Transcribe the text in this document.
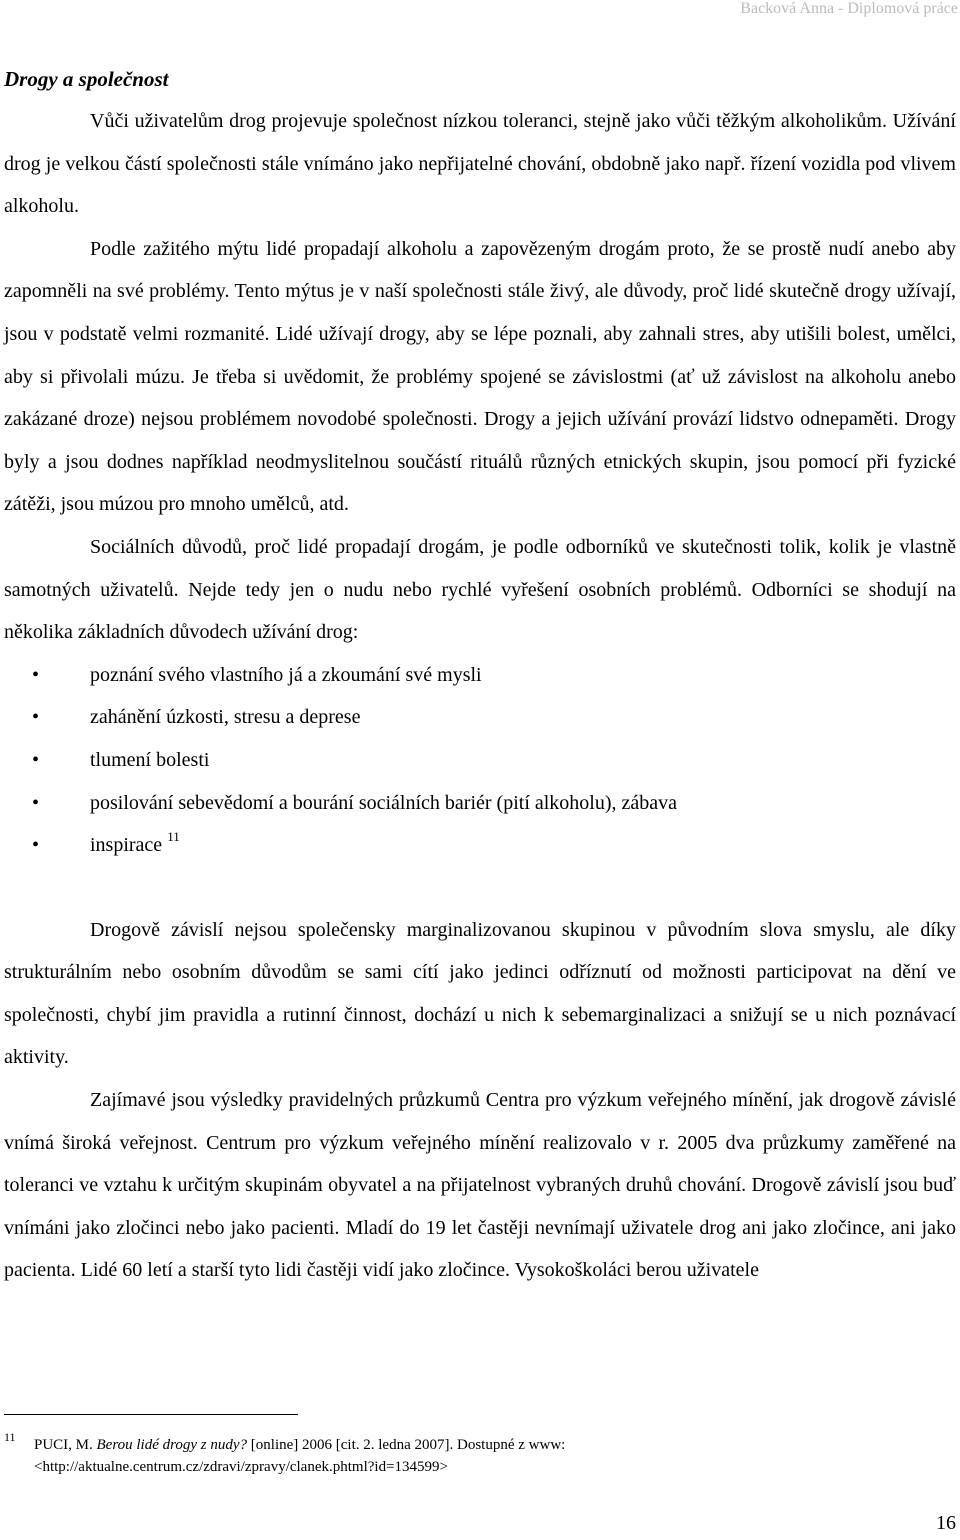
Backová Anna - Diplomová práce
Drogy a společnost

Vůči uživatelům drog projevuje společnost nízkou toleranci, stejně jako vůči těžkým alkoholikům. Užívání drog je velkou částí společnosti stále vnímáno jako nepřijatelné chování, obdobně jako např. řízení vozidla pod vlivem alkoholu.

Podle zažitého mýtu lidé propadají alkoholu a zapovězeným drogám proto, že se prostě nudí anebo aby zapomněli na své problémy. Tento mýtus je v naší společnosti stále živý, ale důvody, proč lidé skutečně drogy užívají, jsou v podstatě velmi rozmanité. Lidé užívají drogy, aby se lépe poznali, aby zahnali stres, aby utišili bolest, umělci, aby si přivolali múzu. Je třeba si uvědomit, že problémy spojené se závislostmi (ať už závislost na alkoholu anebo zakázané droze) nejsou problémem novodobé společnosti. Drogy a jejich užívání provází lidstvo odnepaměti. Drogy byly a jsou dodnes například neodmyslitelnou součástí rituálů různých etnických skupin, jsou pomocí při fyzické zátěži, jsou múzou pro mnoho umělců, atd.

Sociálních důvodů, proč lidé propadají drogám, je podle odborníků ve skutečnosti tolik, kolik je vlastně samotných uživatelů. Nejde tedy jen o nudu nebo rychlé vyřešení osobních problémů. Odborníci se shodují na několika základních důvodech užívání drog:

•	poznání svého vlastního já a zkoumání své mysli
•	zahánění úzkosti, stresu a deprese
•	tlumení bolesti
•	posilování sebevědomí a bourání sociálních bariér (pití alkoholu), zábava
•	inspirace $^{11}$

Drogově závislí nejsou společensky marginalizovanou skupinou v původním slova smyslu, ale díky strukturálním nebo osobním důvodům se sami cítí jako jedinci odříznutí od možnosti participovat na dění ve společnosti, chybí jim pravidla a rutinní činnost, dochází u nich k sebemarginalizaci a snižují se u nich poznávací aktivity.

Zajímavé jsou výsledky pravidelných průzkumů Centra pro výzkum veřejného mínění, jak drogově závislé vnímá široká veřejnost. Centrum pro výzkum veřejného mínění realizovalo v r. 2005 dva průzkumy zaměřené na toleranci ve vztahu k určitým skupinám obyvatel a na přijatelnost vybraných druhů chování. Drogově závislí jsou buď vnímáni jako zločinci nebo jako pacienti. Mladí do 19 let častěji nevnímají uživatele drog ani jako zločince, ani jako pacienta. Lidé 60 letí a starší tyto lidi častěji vidí jako zločince. Vysokoškoláci berou uživatele

11	PUCI, M. Berou lidé drogy z nudy? [online] 2006 [cit. 2. ledna 2007]. Dostupné z www:
<http://aktualne.centrum.cz/zdravi/zpravy/clanek.phtml?id=134599>
16
